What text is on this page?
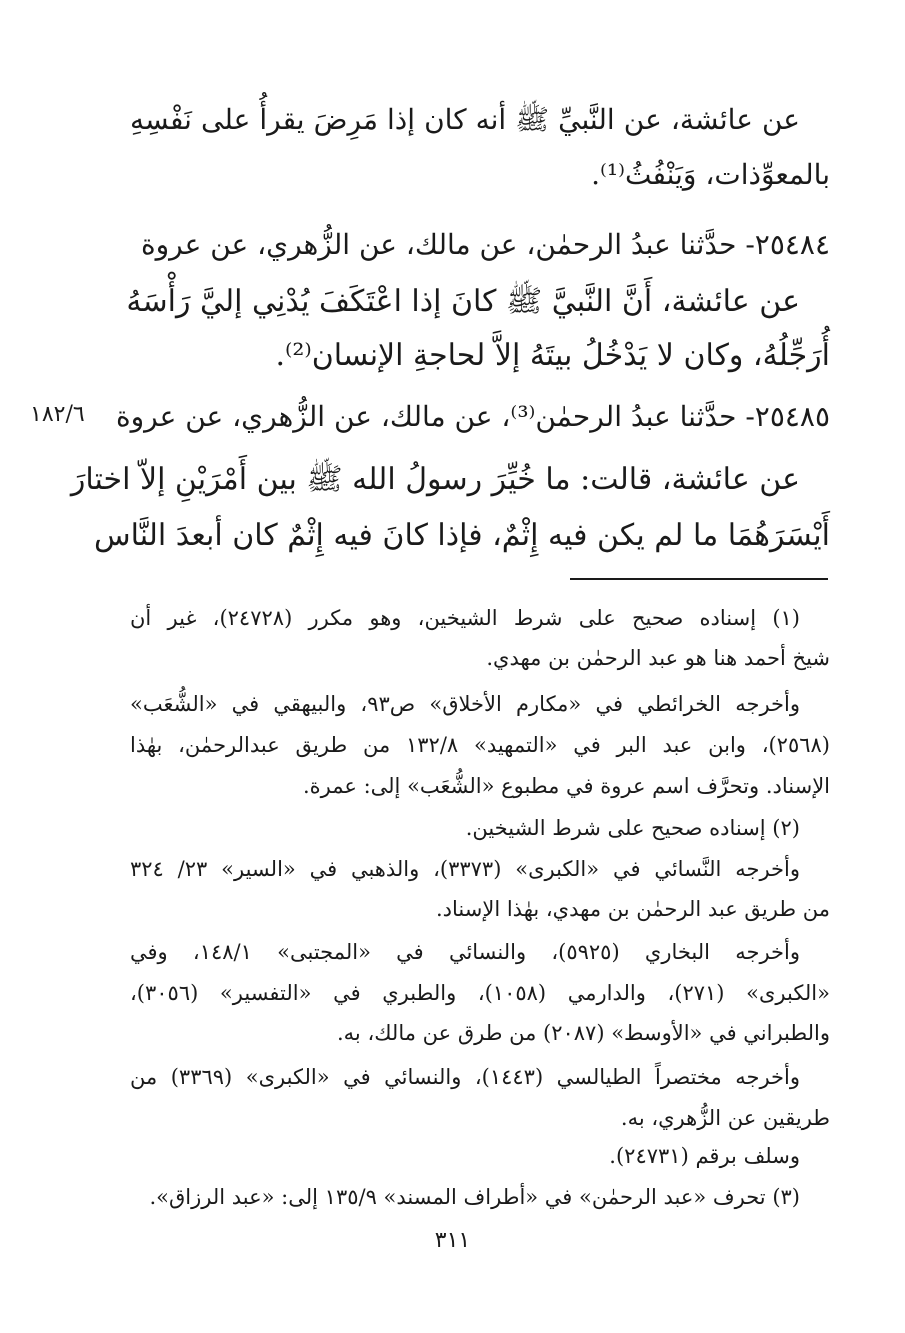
عن عائشة، عن النَّبيِّ ﷺ أنه كان إذا مَرِضَ يقرأُ على نَفْسِهِ
بالمعوِّذات، وَيَنْفُثُ⁽¹⁾.
٢٥٤٨٤- حدَّثنا عبدُ الرحمٰن، عن مالك، عن الزُّهري، عن عروة
عن عائشة، أَنَّ النَّبيَّ ﷺ كانَ إذا اعْتَكَفَ يُدْنِي إليَّ رَأْسَهُ
أُرَجِّلُهُ، وكان لا يَدْخُلُ بيتَهُ إلاَّ لحاجةِ الإنسان⁽²⁾.
١٨٢/٦ ٢٥٤٨٥- حدَّثنا عبدُ الرحمٰن⁽³⁾، عن مالك، عن الزُّهري، عن عروة
عن عائشة، قالت: ما خُيِّرَ رسولُ الله ﷺ بين أَمْرَيْنِ إلاّ اختارَ
أَيْسَرَهُمَا ما لم يكن فيه إِثْمٌ، فإذا كانَ فيه إِثْمٌ كان أبعدَ النَّاس
(١) إسناده صحيح على شرط الشيخين، وهو مكرر (٢٤٧٢٨)، غير أن
شيخ أحمد هنا هو عبد الرحمٰن بن مهدي.
وأخرجه الخرائطي في «مكارم الأخلاق» ص٩٣، والبيهقي في «الشُّعَب»
(٢٥٦٨)، وابن عبد البر في «التمهيد» ١٣٢/٨ من طريق عبدالرحمٰن، بهٰذا
الإسناد. وتحرَّف اسم عروة في مطبوع «الشُّعَب» إلى: عمرة.
(٢) إسناده صحيح على شرط الشيخين.
وأخرجه النَّسائي في «الكبرى» (٣٣٧٣)، والذهبي في «السير» ٢٣/ ٣٢٤
من طريق عبد الرحمٰن بن مهدي، بهٰذا الإسناد.
وأخرجه البخاري (٥٩٢٥)، والنسائي في «المجتبى» ١٤٨/١، وفي
«الكبرى» (٢٧١)، والدارمي (١٠٥٨)، والطبري في «التفسير» (٣٠٥٦)،
والطبراني في «الأوسط» (٢٠٨٧) من طرق عن مالك، به.
وأخرجه مختصراً الطيالسي (١٤٤٣)، والنسائي في «الكبرى» (٣٣٦٩) من
طريقين عن الزُّهري، به.
وسلف برقم (٢٤٧٣١).
(٣) تحرف «عبد الرحمٰن» في «أطراف المسند» ١٣٥/٩ إلى: «عبد الرزاق».
٣١١
